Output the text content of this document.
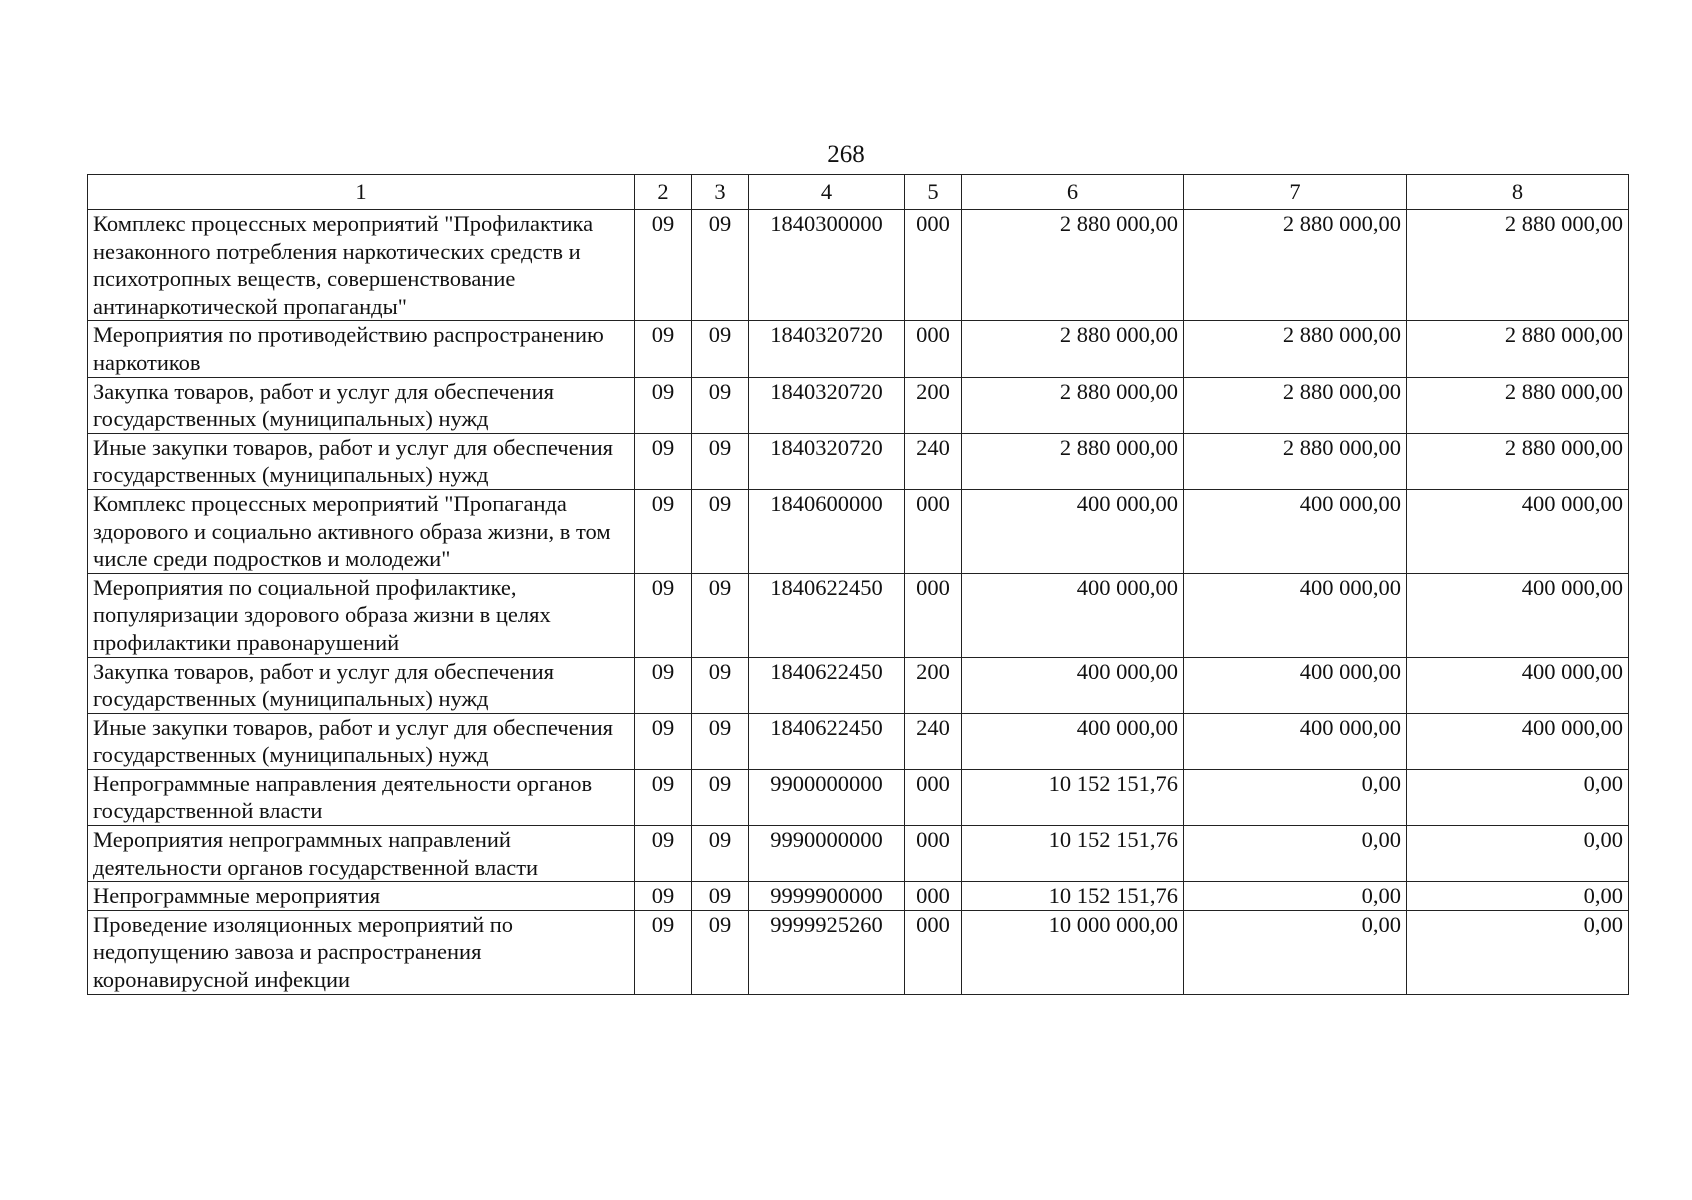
268
1	2	3	4	5	6	7	8
Комплекс процессных мероприятий "Профилактика незаконного потребления наркотических средств и психотропных веществ, совершенствование антинаркотической пропаганды"	09	09	1840300000	000	2 880 000,00	2 880 000,00	2 880 000,00
Мероприятия по противодействию распространению наркотиков	09	09	1840320720	000	2 880 000,00	2 880 000,00	2 880 000,00
Закупка товаров, работ и услуг для обеспечения государственных (муниципальных) нужд	09	09	1840320720	200	2 880 000,00	2 880 000,00	2 880 000,00
Иные закупки товаров, работ и услуг для обеспечения государственных (муниципальных) нужд	09	09	1840320720	240	2 880 000,00	2 880 000,00	2 880 000,00
Комплекс процессных мероприятий "Пропаганда здорового и социально активного образа жизни, в том числе среди подростков и молодежи"	09	09	1840600000	000	400 000,00	400 000,00	400 000,00
Мероприятия по социальной профилактике, популяризации здорового образа жизни в целях профилактики правонарушений	09	09	1840622450	000	400 000,00	400 000,00	400 000,00
Закупка товаров, работ и услуг для обеспечения государственных (муниципальных) нужд	09	09	1840622450	200	400 000,00	400 000,00	400 000,00
Иные закупки товаров, работ и услуг для обеспечения государственных (муниципальных) нужд	09	09	1840622450	240	400 000,00	400 000,00	400 000,00
Непрограммные направления деятельности органов государственной власти	09	09	9900000000	000	10 152 151,76	0,00	0,00
Мероприятия непрограммных направлений деятельности органов государственной власти	09	09	9990000000	000	10 152 151,76	0,00	0,00
Непрограммные мероприятия	09	09	9999900000	000	10 152 151,76	0,00	0,00
Проведение изоляционных мероприятий по недопущению завоза и распространения коронавирусной инфекции	09	09	9999925260	000	10 000 000,00	0,00	0,00
